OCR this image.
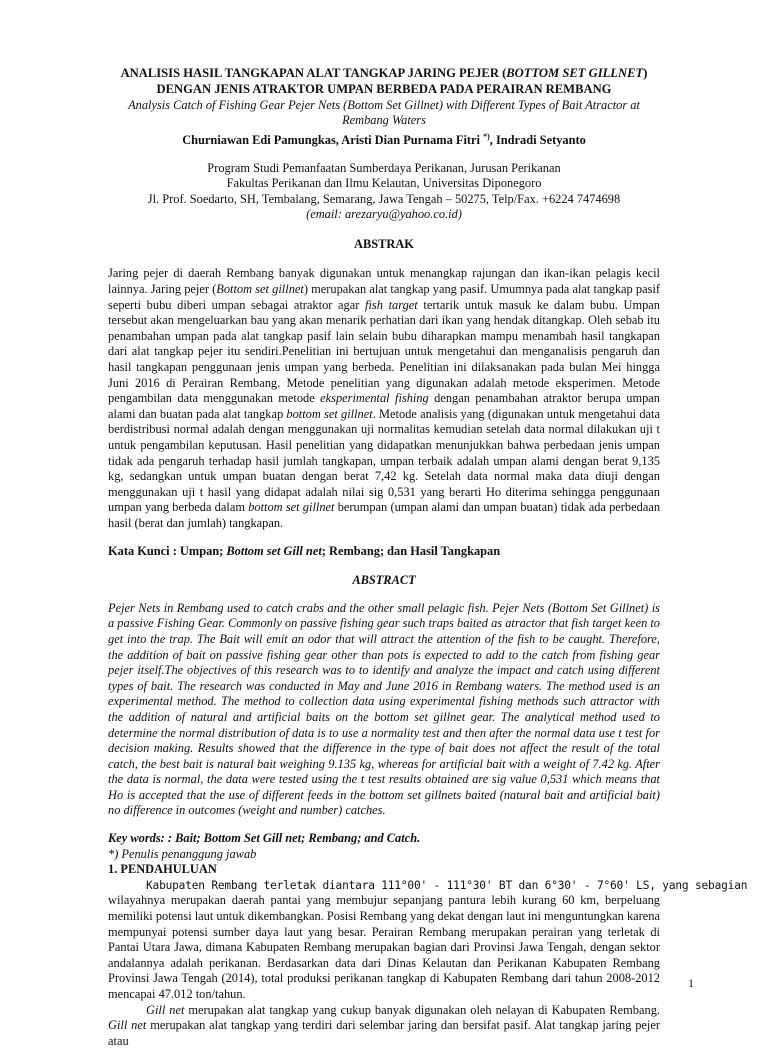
ANALISIS HASIL TANGKAPAN ALAT TANGKAP JARING PEJER (BOTTOM SET GILLNET)
DENGAN JENIS ATRAKTOR UMPAN BERBEDA PADA PERAIRAN REMBANG
Analysis Catch of Fishing Gear Pejer Nets (Bottom Set Gillnet) with Different Types of Bait Atractor at Rembang Waters
Churniawan Edi Pamungkas, Aristi Dian Purnama Fitri *), Indradi Setyanto
Program Studi Pemanfaatan Sumberdaya Perikanan, Jurusan Perikanan
Fakultas Perikanan dan Ilmu Kelautan, Universitas Diponegoro
Jl. Prof. Soedarto, SH, Tembalang, Semarang, Jawa Tengah – 50275, Telp/Fax. +6224 7474698
(email: arezaryu@yahoo.co.id)
ABSTRAK
Jaring pejer di daerah Rembang banyak digunakan untuk menangkap rajungan dan ikan-ikan pelagis kecil lainnya. Jaring pejer (Bottom set gillnet) merupakan alat tangkap yang pasif. Umumnya pada alat tangkap pasif seperti bubu diberi umpan sebagai atraktor agar fish target tertarik untuk masuk ke dalam bubu. Umpan tersebut akan mengeluarkan bau yang akan menarik perhatian dari ikan yang hendak ditangkap. Oleh sebab itu penambahan umpan pada alat tangkap pasif lain selain bubu diharapkan mampu menambah hasil tangkapan dari alat tangkap pejer itu sendiri.Penelitian ini bertujuan untuk mengetahui dan menganalisis pengaruh dan hasil tangkapan penggunaan jenis umpan yang berbeda. Penelitian ini dilaksanakan pada bulan Mei hingga Juni 2016 di Perairan Rembang. Metode penelitian yang digunakan adalah metode eksperimen. Metode pengambilan data menggunakan metode eksperimental fishing dengan penambahan atraktor berupa umpan alami dan buatan pada alat tangkap bottom set gillnet. Metode analisis yang (digunakan untuk mengetahui data berdistribusi normal adalah dengan menggunakan uji normalitas kemudian setelah data normal dilakukan uji t untuk pengambilan keputusan. Hasil penelitian yang didapatkan menunjukkan bahwa perbedaan jenis umpan tidak ada pengaruh terhadap hasil jumlah tangkapan, umpan terbaik adalah umpan alami dengan berat 9,135 kg, sedangkan untuk umpan buatan dengan berat 7,42 kg. Setelah data normal maka data diuji dengan menggunakan uji t hasil yang didapat adalah nilai sig 0,531 yang berarti Ho diterima sehingga penggunaan umpan yang berbeda dalam bottom set gillnet berumpan (umpan alami dan umpan buatan) tidak ada perbedaan hasil (berat dan jumlah) tangkapan.
Kata Kunci : Umpan; Bottom set Gill net; Rembang; dan Hasil Tangkapan
ABSTRACT
Pejer Nets in Rembang used to catch crabs and the other small pelagic fish. Pejer Nets (Bottom Set Gillnet) is a passive Fishing Gear. Commonly on passive fishing gear such traps baited as atractor that fish target keen to get into the trap. The Bait will emit an odor that will attract the attention of the fish to be caught. Therefore, the addition of bait on passive fishing gear other than pots is expected to add to the catch from fishing gear pejer itself.The objectives of this research was to to identify and analyze the impact and catch using different types of bait. The research was conducted in May and June 2016 in Rembang waters. The method used is an experimental method. The method to collection data using experimental fishing methods such attractor with the addition of natural and artificial baits on the bottom set gillnet gear. The analytical method used to determine the normal distribution of data is to use a normality test and then after the normal data use t test for decision making. Results showed that the difference in the type of bait does not affect the result of the total catch, the best bait is natural bait weighing 9.135 kg, whereas for artificial bait with a weight of 7.42 kg. After the data is normal, the data were tested using the t test results obtained are sig value 0,531 which means that Ho is accepted that the use of different feeds in the bottom set gillnets baited (natural bait and artificial bait) no difference in outcomes (weight and number) catches.
Key words: : Bait; Bottom Set Gill net; Rembang; and Catch.
*) Penulis penanggung jawab
1. PENDAHULUAN
Kabupaten Rembang terletak diantara 111°00' - 111°30' BT dan 6°30' - 7°60' LS, yang sebagian
wilayahnya merupakan daerah pantai yang membujur sepanjang pantura lebih kurang 60 km, berpeluang memiliki potensi laut untuk dikembangkan. Posisi Rembang yang dekat dengan laut ini menguntungkan karena mempunyai potensi sumber daya laut yang besar. Perairan Rembang merupakan perairan yang terletak di Pantai Utara Jawa, dimana Kabupaten Rembang merupakan bagian dari Provinsi Jawa Tengah, dengan sektor andalannya adalah perikanan. Berdasarkan data dari Dinas Kelautan dan Perikanan Kabupaten Rembang Provinsi Jawa Tengah (2014), total produksi perikanan tangkap di Kabupaten Rembang dari tahun 2008-2012 mencapai 47.012 ton/tahun.
Gill net merupakan alat tangkap yang cukup banyak digunakan oleh nelayan di Kabupaten Rembang. Gill net merupakan alat tangkap yang terdiri dari selembar jaring dan bersifat pasif. Alat tangkap jaring pejer atau
1
